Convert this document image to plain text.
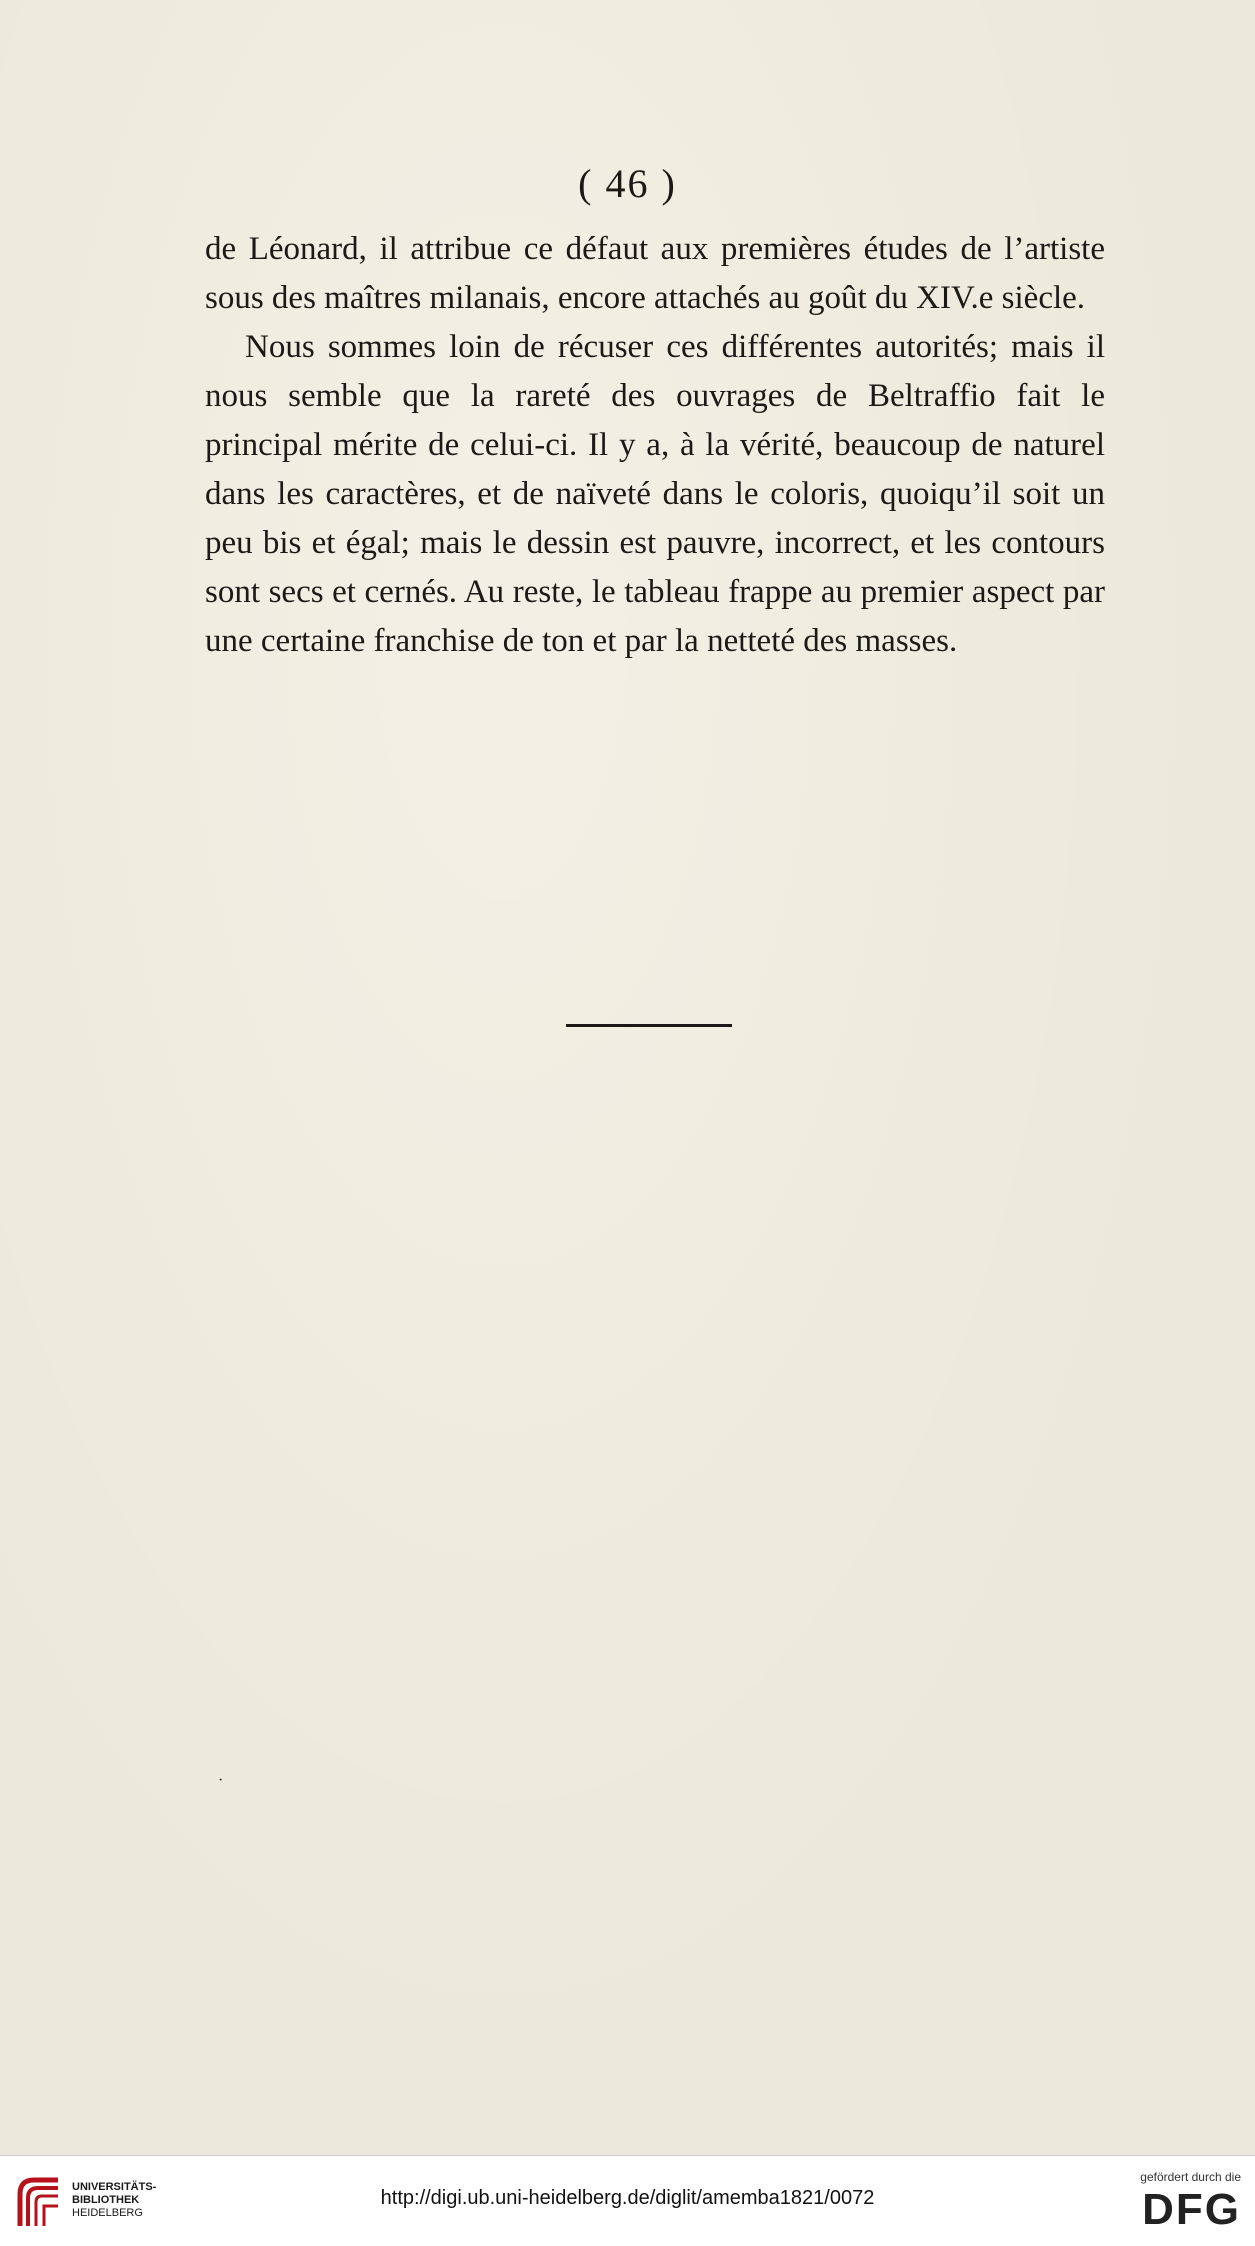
( 46 )

de Léonard, il attribue ce défaut aux premières études de l’artiste sous des maîtres milanais, encore attachés au goût du XIV.e siècle.

Nous sommes loin de récuser ces différentes autorités; mais il nous semble que la rareté des ouvrages de Beltraffio fait le principal mérite de celui-ci. Il y a, à la vérité, beaucoup de naturel dans les caractères, et de naïveté dans le coloris, quoiqu’il soit un peu bis et égal; mais le dessin est pauvre, incorrect, et les contours sont secs et cernés. Au reste, le tableau frappe au premier aspect par une certaine franchise de ton et par la netteté des masses.

·
UNIVERSITÄTS-
BIBLIOTHEK
HEIDELBERG
http://digi.ub.uni-heidelberg.de/diglit/amemba1821/0072
gefördert durch die
DFG
